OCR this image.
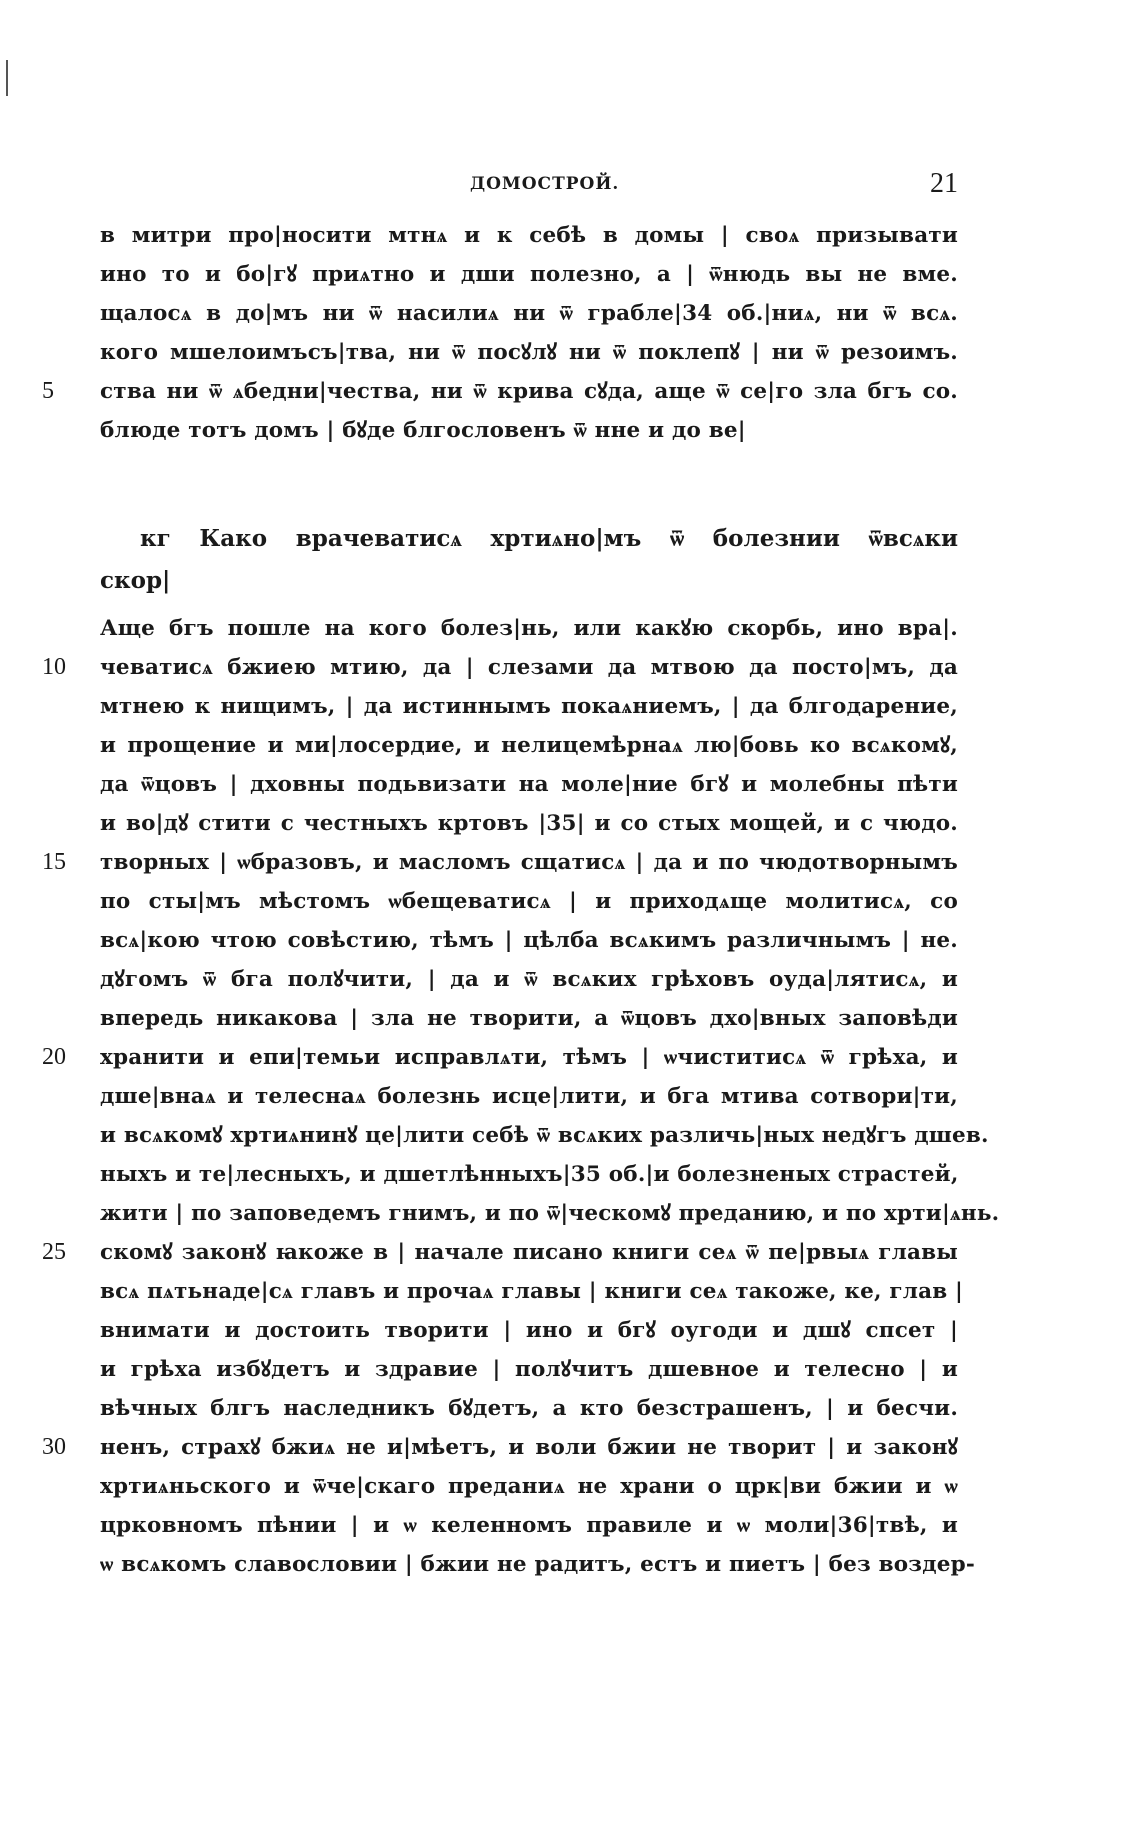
ДОМОСТРОЙ.	21
в митри про|носити мтнѧ и к себѣ в домы | своѧ призывати
ино то и бо|гꙋ приѧтно и дши полезно, а | ѿнюдь вы не вме.
щалосѧ в до|мъ ни ѿ насилиѧ ни ѿ грабле|34 об.|ниѧ, ни ѿ всѧ.
кого мшелоимъсъ|тва, ни ѿ посꙋлꙋ ни ѿ поклепꙋ | ни ѿ резоимъ.
5	ства ни ѿ ѧбедни|чества, ни ѿ крива сꙋда, аще ѿ се|го зла бгъ со.
блюде тотъ домъ | бꙋде блгословенъ ѿ нне и до ве|
кг Како врачеватисѧ хртиѧно|мъ ѿ болезнии ѿвсѧки
скор|
Аще бгъ пошле на кого болез|нь, или какꙋю скорбь, ино вра|.
10	чеватисѧ бжиею мтию, да | слезами да мтвою да посто|мъ, да
мтнею к нищимъ, | да истиннымъ покаѧниемъ, | да блгодарение,
и прощение и ми|лосердие, и нелицемѣрнаѧ лю|бовь ко всѧкомꙋ,
да ѿцовъ | дховны подьвизати на моле|ние бгꙋ и молебны пѣти
и во|дꙋ стити с честныхъ кртовъ |35| и со стых мощей, и с чюдо.
15	творных | ѡбразовъ, и масломъ сщатисѧ | да и по чюдотворнымъ
по сты|мъ мѣстомъ ѡбещеватисѧ | и приходѧще молитисѧ, со
всѧ|кою чтою совѣстию, тѣмъ | цѣлба всѧкимъ различнымъ | не.
дꙋгомъ ѿ бга полꙋчити, | да и ѿ всѧких грѣховъ оуда|лятисѧ, и
впередь никакова | зла не творити, а ѿцовъ дхо|вных заповѣди
20	хранити и епи|темьи исправлѧти, тѣмъ | ѡчиститисѧ ѿ грѣха, и
дше|внаѧ и телеснаѧ болезнь исце|лити, и бга мтива сотвори|ти,
и всѧкомꙋ хртиѧнинꙋ це|лити себѣ ѿ всѧких различь|ных недꙋгъ дшев.
ныхъ и те|лесныхъ, и дшетлѣнныхъ|35 об.|и болезненых страстей,
жити | по заповедемъ гнимъ, и по ѿ|ческомꙋ преданию, и по хрти|ѧнь.
25	скомꙋ законꙋ ꙗкоже в | начале писано книги сеѧ ѿ пе|рвыѧ главы
всѧ пѧтьнаде|сѧ главъ и прочаѧ главы | книги сеѧ такоже, ке, глав |
внимати и достоить творити | ино и бгꙋ оугоди и дшꙋ спсет |
и грѣха избꙋдетъ и здравие | полꙋчитъ дшевное и телесно | и
вѣчных блгъ наследникъ бꙋдетъ, а кто безстрашенъ, | и бесчи.
30	ненъ, страхꙋ бжиѧ не и|мѣетъ, и воли бжии не творит | и законꙋ
хртиѧньского и ѿче|скаго преданиѧ не храни о црк|ви бжии и ѡ
црковномъ пѣнии | и ѡ келенномъ правиле и ѡ моли|36|твѣ, и
ѡ всѧкомъ славословии | бжии не радитъ, естъ и пиетъ | без воздер-
